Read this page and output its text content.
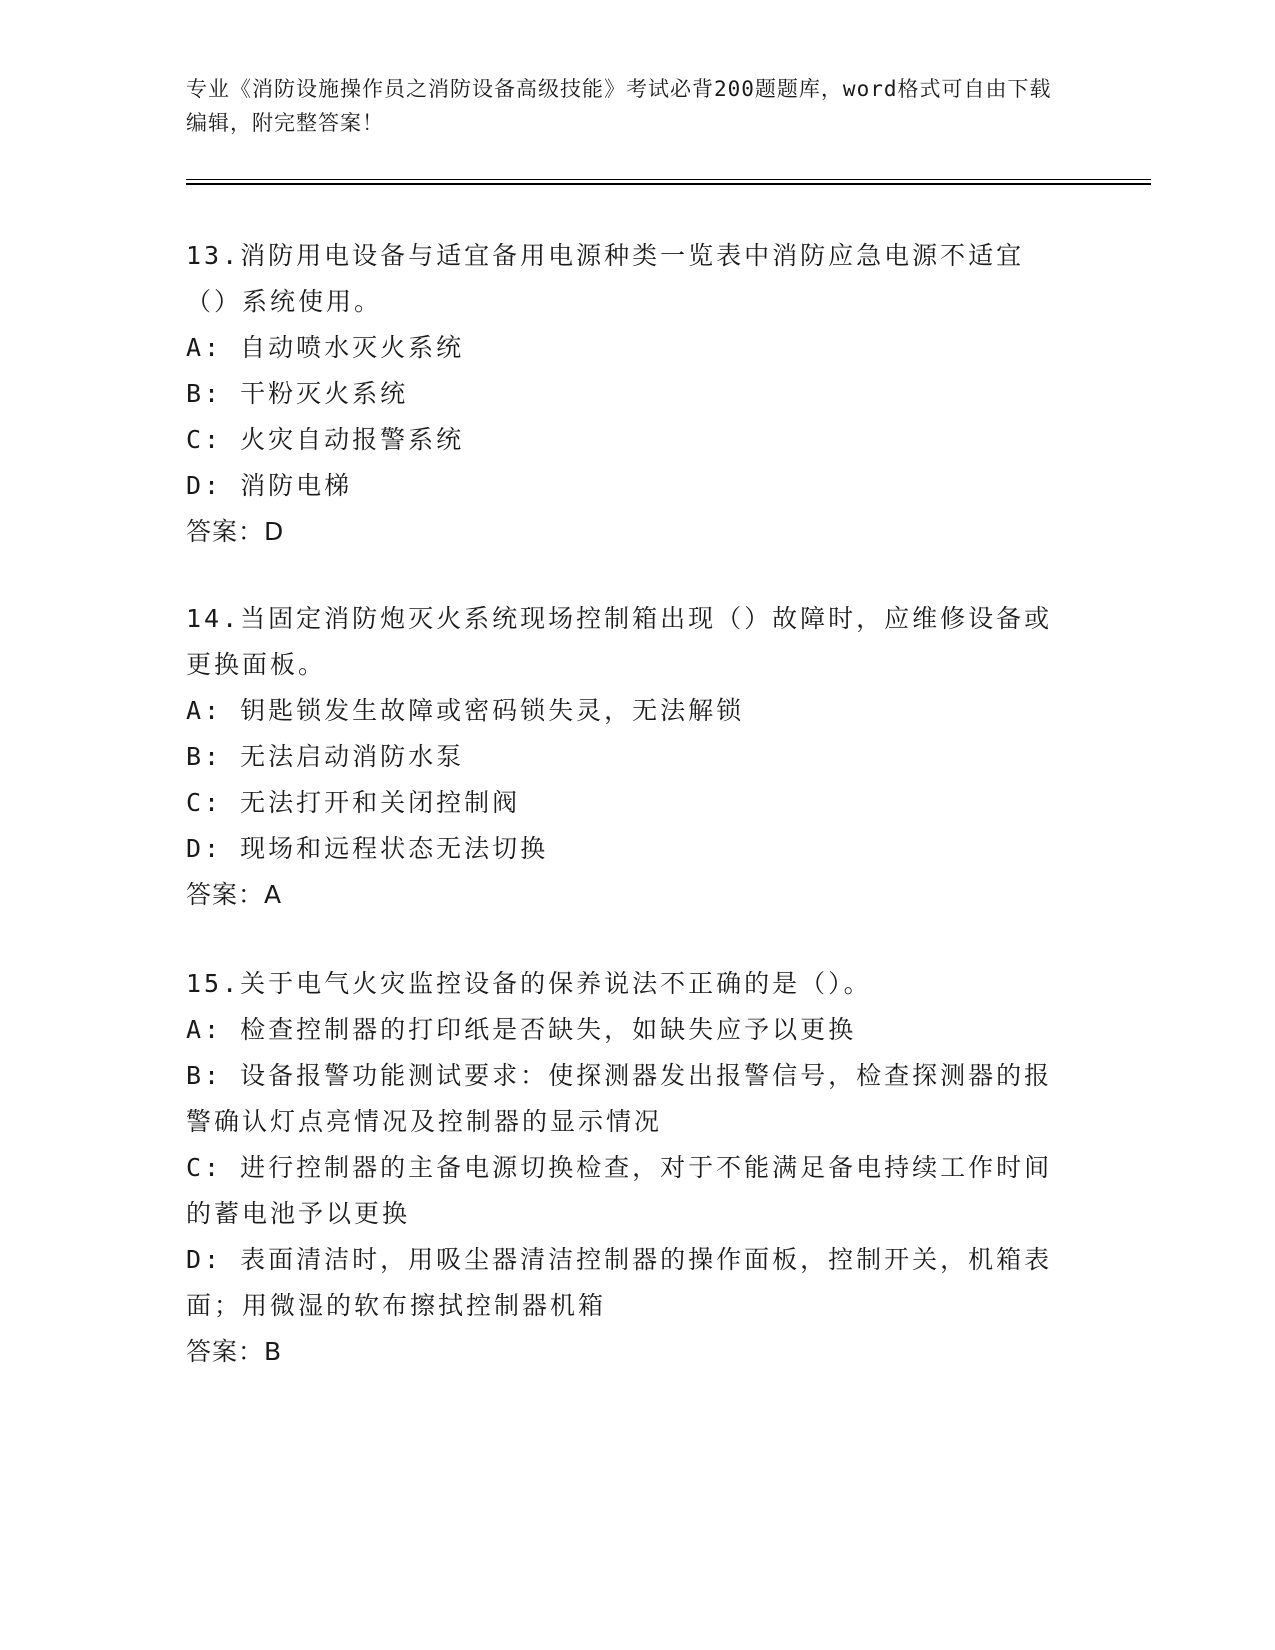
专业《消防设施操作员之消防设备高级技能》考试必背200题题库，word格式可自由下载编辑，附完整答案！

13.消防用电设备与适宜备用电源种类一览表中消防应急电源不适宜（）系统使用。

A: 自动喷水灭火系统

B: 干粉灭火系统

C: 火灾自动报警系统

D: 消防电梯

答案：D

14.当固定消防炮灭火系统现场控制箱出现（）故障时，应维修设备或更换面板。

A: 钥匙锁发生故障或密码锁失灵，无法解锁

B: 无法启动消防水泵

C: 无法打开和关闭控制阀

D: 现场和远程状态无法切换

答案：A

15.关于电气火灾监控设备的保养说法不正确的是（）。

A: 检查控制器的打印纸是否缺失，如缺失应予以更换

B: 设备报警功能测试要求：使探测器发出报警信号，检查探测器的报警确认灯点亮情况及控制器的显示情况

C: 进行控制器的主备电源切换检查，对于不能满足备电持续工作时间的蓄电池予以更换

D: 表面清洁时，用吸尘器清洁控制器的操作面板，控制开关，机箱表面；用微湿的软布擦拭控制器机箱

答案：B
